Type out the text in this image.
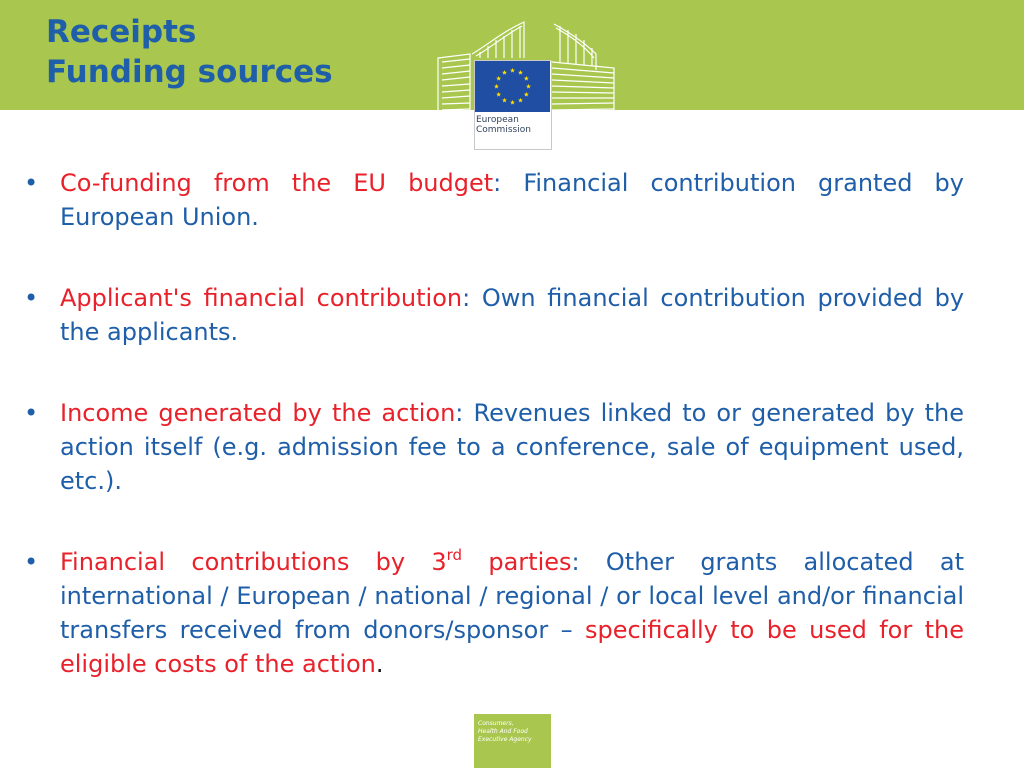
Receipts
Funding sources
European
Commission

• Co-funding from the EU budget: Financial contribution granted by European Union.

• Applicant's financial contribution: Own financial contribution provided by the applicants.

• Income generated by the action: Revenues linked to or generated by the action itself (e.g. admission fee to a conference, sale of equipment used, etc.).

• Financial contributions by 3rd parties: Other grants allocated at international / European / national / regional / or local level and/or financial transfers received from donors/sponsor – specifically to be used for the eligible costs of the action.

Consumers,
Health And Food
Executive Agency
